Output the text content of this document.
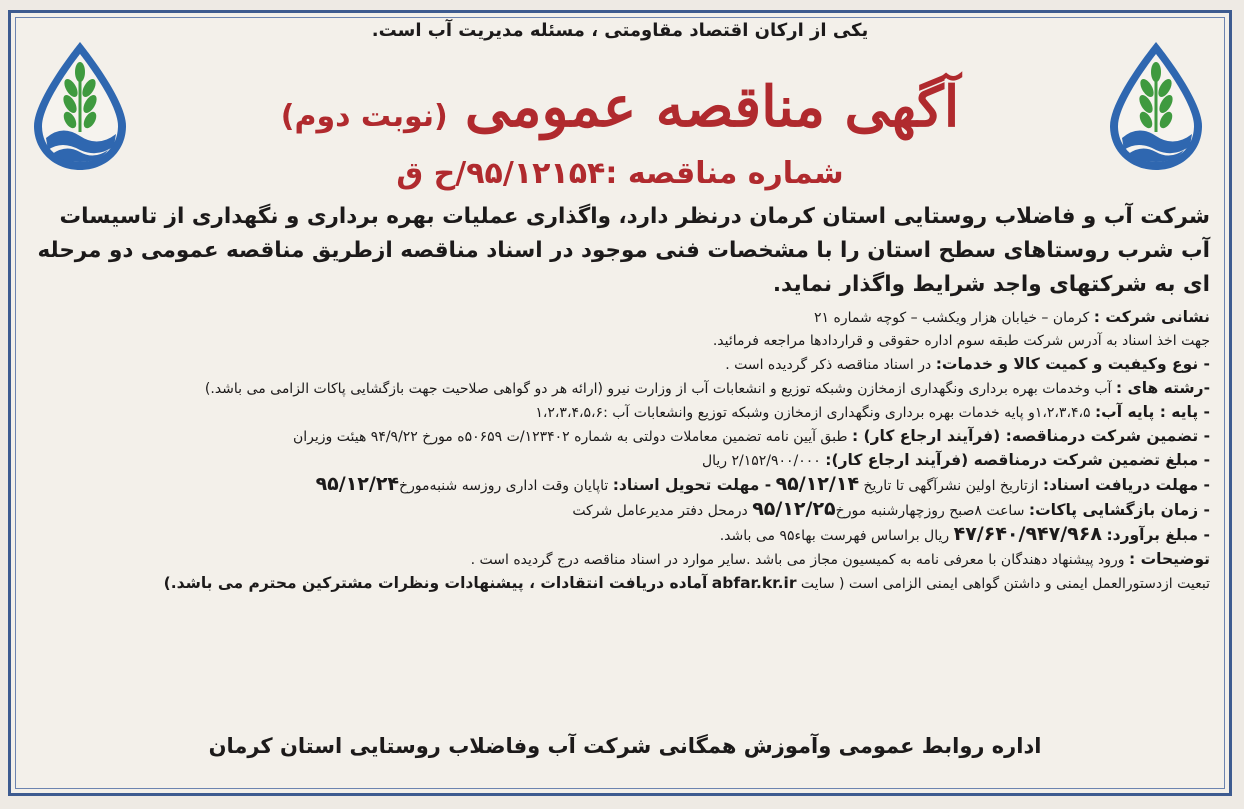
یکی از ارکان اقتصاد مقاومتی ، مسئله مدیریت آب است.
آگهی مناقصه عمومی (نوبت دوم)
شماره مناقصه :۹۵/۱۲۱۵۴/ح ق
شرکت آب و فاضلاب روستایی استان کرمان درنظر دارد، واگذاری عملیات بهره برداری و نگهداری از تاسیسات آب شرب روستاهای سطح استان را با مشخصات فنی موجود در اسناد مناقصه ازطریق مناقصه عمومی دو مرحله ای به شرکتهای واجد شرایط واگذار نماید.

نشانی شرکت : کرمان – خیابان هزار ویکشب – کوچه شماره ۲۱

جهت اخذ اسناد به آدرس شرکت طبقه سوم اداره حقوقی و قراردادها مراجعه فرمائید.

- نوع وکیفیت و کمیت کالا و خدمات: در اسناد مناقصه ذکر گردیده است .

-رشته های : آب وخدمات بهره برداری ونگهداری ازمخازن وشبکه توزیع و انشعابات آب از وزارت نیرو (ارائه هر دو گواهی صلاحیت جهت بازگشایی پاکات الزامی می باشد.)

- پایه : پایه آب: ۱،۲،۳،۴،۵و پایه خدمات بهره برداری ونگهداری ازمخازن وشبکه توزیع وانشعابات آب :۱،۲،۳،۴،۵،۶

- تضمین شرکت درمناقصه: (فرآیند ارجاع کار) : طبق آیین نامه تضمین معاملات دولتی به شماره ۱۲۳۴۰۲/ت ۵۰۶۵۹ه مورخ ۹۴/۹/۲۲ هیئت وزیران

- مبلغ تضمین شرکت درمناقصه (فرآیند ارجاع کار): ۲/۱۵۲/۹۰۰/۰۰۰ ریال

- مهلت دریافت اسناد: ازتاریخ اولین نشرآگهی تا تاریخ ۹۵/۱۲/۱۴ - مهلت تحویل اسناد: تاپایان وقت اداری روزسه شنبه‌مورخ۹۵/۱۲/۲۴

- زمان بازگشایی پاکات: ساعت ۸صبح روزچهارشنبه مورخ۹۵/۱۲/۲۵ درمحل دفتر مدیرعامل شرکت

- مبلغ برآورد: ۴۷/۶۴۰/۹۴۷/۹۶۸ ریال براساس فهرست بهاء۹۵ می باشد.

توضیحات : ورود پیشنهاد دهندگان با معرفی نامه به کمیسیون مجاز می باشد .سایر موارد در اسناد مناقصه درج گردیده است .

تبعیت ازدستورالعمل ایمنی و داشتن گواهی ایمنی الزامی است ( سایت abfar.kr.ir آماده دریافت انتقادات ، پیشنهادات ونظرات مشترکین محترم می باشد.)

اداره روابط عمومی وآموزش همگانی شرکت آب وفاضلاب روستایی استان کرمان
